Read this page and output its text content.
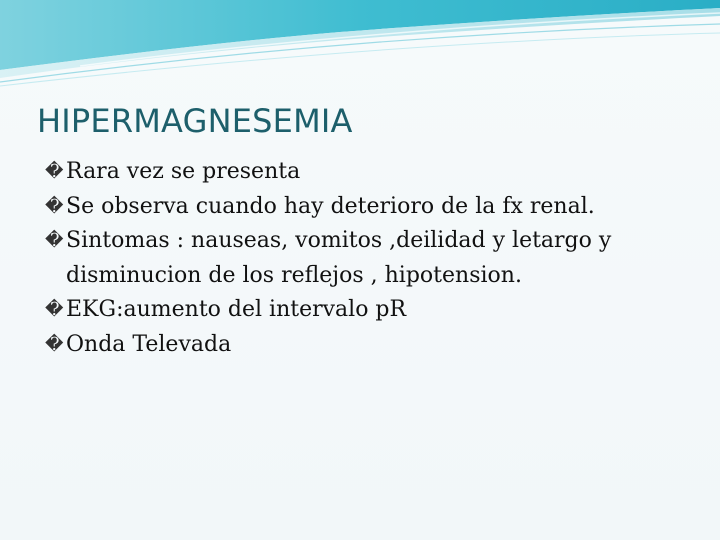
HIPERMAGNESEMIA
� Rara vez se presenta
� Se observa cuando hay deterioro de la fx renal.
� Sintomas : nauseas, vomitos ,deilidad y letargo y
disminucion de los reflejos , hipotension.
� EKG:aumento del intervalo pR
� Onda Televada
